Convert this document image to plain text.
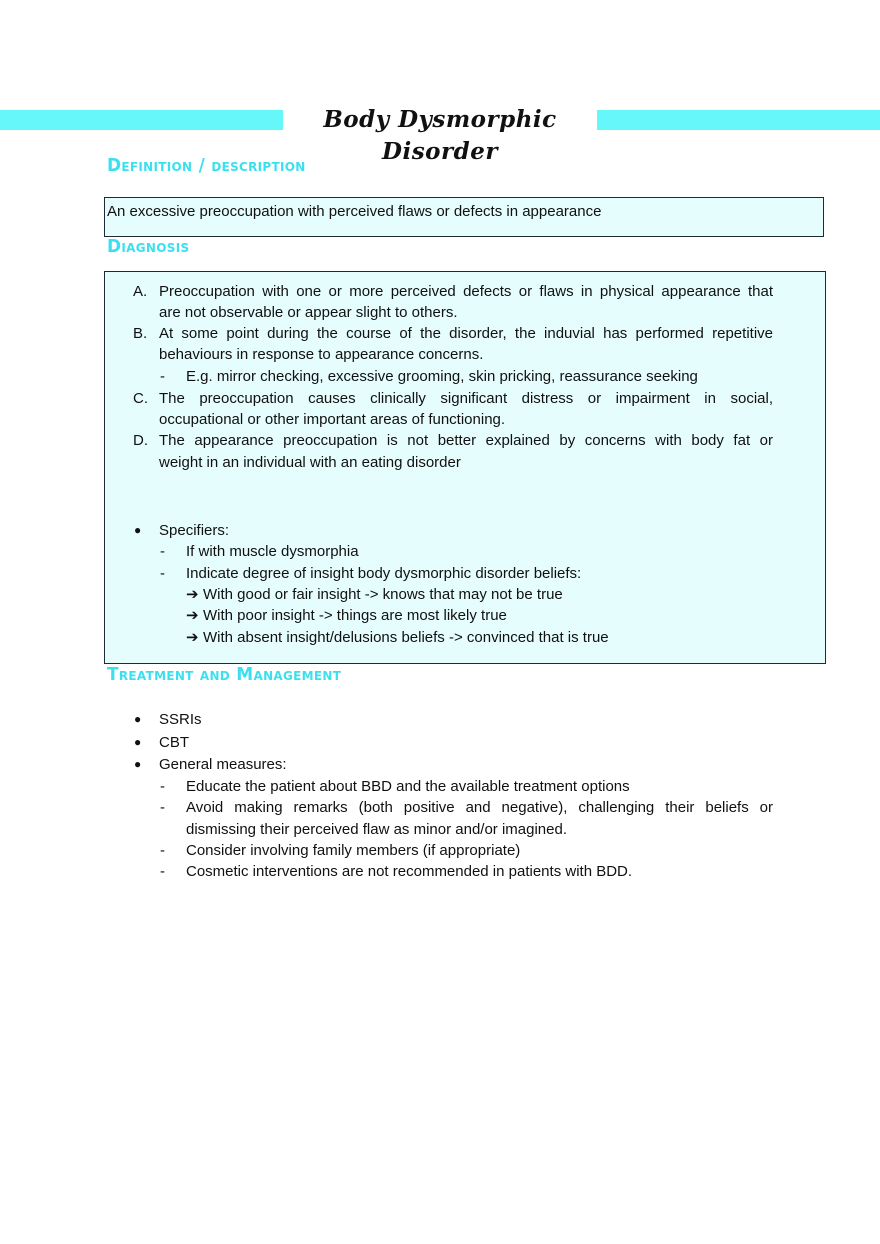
Body Dysmorphic Disorder
Definition / description
An excessive preoccupation with perceived flaws or defects in appearance
Diagnosis
A. Preoccupation with one or more perceived defects or flaws in physical appearance that
are not observable or appear slight to others.
B. At some point during the course of the disorder, the induvial has performed repetitive
behaviours in response to appearance concerns.
- E.g. mirror checking, excessive grooming, skin pricking, reassurance seeking
C. The preoccupation causes clinically significant distress or impairment in social,
occupational or other important areas of functioning.
D. The appearance preoccupation is not better explained by concerns with body fat or
weight in an individual with an eating disorder
● Specifiers:
- If with muscle dysmorphia
- Indicate degree of insight body dysmorphic disorder beliefs:
➔ With good or fair insight -> knows that may not be true
➔ With poor insight -> things are most likely true
➔ With absent insight/delusions beliefs -> convinced that is true
Treatment and Management
● SSRIs
● CBT
● General measures:
- Educate the patient about BBD and the available treatment options
- Avoid making remarks (both positive and negative), challenging their beliefs or
dismissing their perceived flaw as minor and/or imagined.
- Consider involving family members (if appropriate)
- Cosmetic interventions are not recommended in patients with BDD.
